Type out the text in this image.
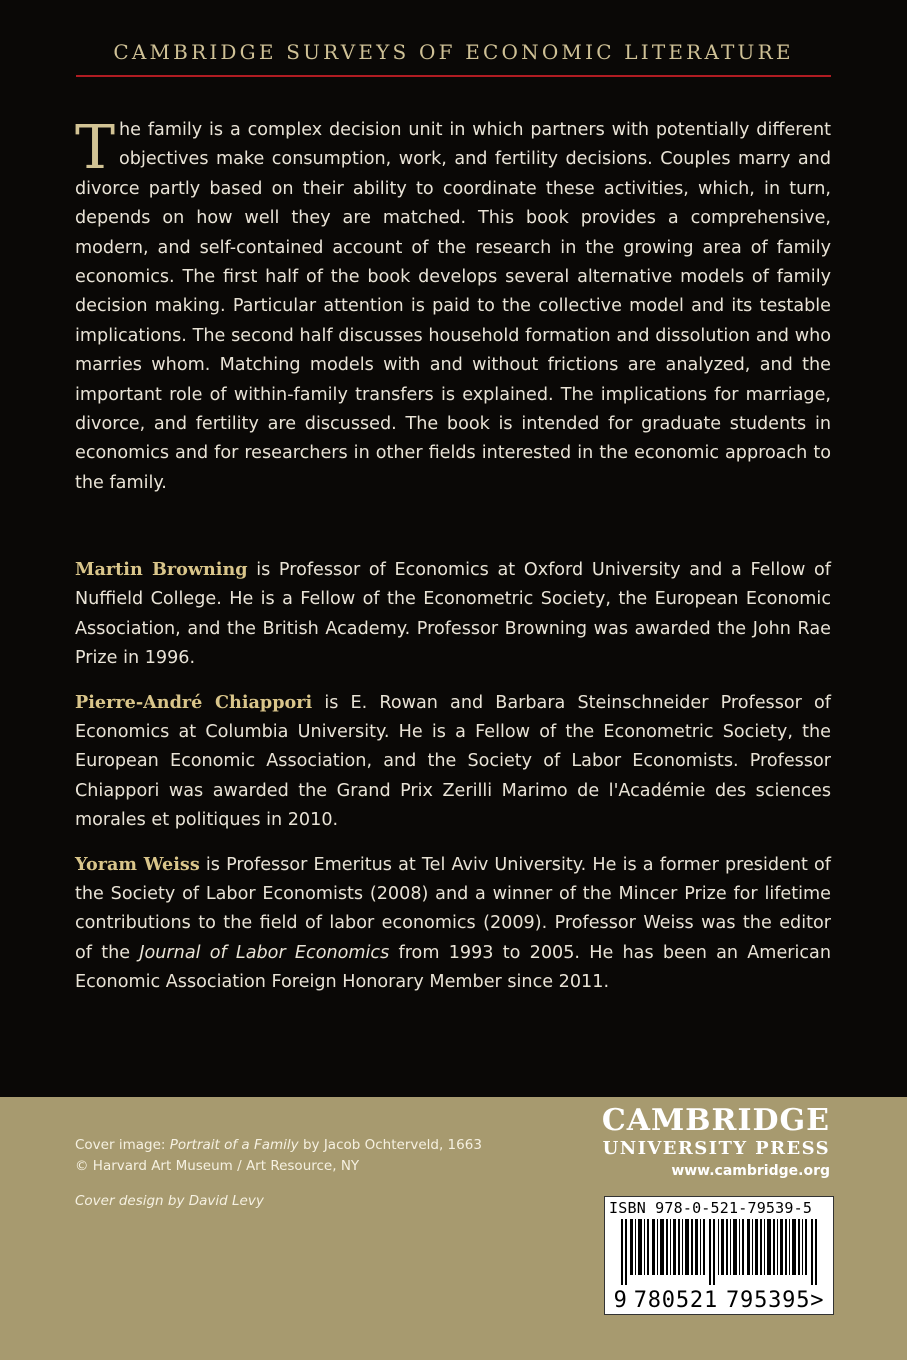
CAMBRIDGE SURVEYS OF ECONOMIC LITERATURE

The family is a complex decision unit in which partners with potentially different objectives make consumption, work, and fertility decisions. Couples marry and divorce partly based on their ability to coordinate these activities, which, in turn, depends on how well they are matched. This book provides a comprehensive, modern, and self-contained account of the research in the growing area of family economics. The first half of the book develops several alternative models of family decision making. Particular attention is paid to the collective model and its testable implications. The second half discusses household formation and dissolution and who marries whom. Matching models with and without frictions are analyzed, and the important role of within-family transfers is explained. The implications for marriage, divorce, and fertility are discussed. The book is intended for graduate students in economics and for researchers in other fields interested in the economic approach to the family.

Martin Browning is Professor of Economics at Oxford University and a Fellow of Nuffield College. He is a Fellow of the Econometric Society, the European Economic Association, and the British Academy. Professor Browning was awarded the John Rae Prize in 1996.

Pierre-André Chiappori is E. Rowan and Barbara Steinschneider Professor of Economics at Columbia University. He is a Fellow of the Econometric Society, the European Economic Association, and the Society of Labor Economists. Professor Chiappori was awarded the Grand Prix Zerilli Marimo de l'Académie des sciences morales et politiques in 2010.

Yoram Weiss is Professor Emeritus at Tel Aviv University. He is a former president of the Society of Labor Economists (2008) and a winner of the Mincer Prize for lifetime contributions to the field of labor economics (2009). Professor Weiss was the editor of the Journal of Labor Economics from 1993 to 2005. He has been an American Economic Association Foreign Honorary Member since 2011.

Cover image: Portrait of a Family by Jacob Ochterveld, 1663
© Harvard Art Museum / Art Resource, NY
Cover design by David Levy
CAMBRIDGE
UNIVERSITY PRESS
www.cambridge.org
ISBN 978-0-521-79539-5
9 780521 795395 >
